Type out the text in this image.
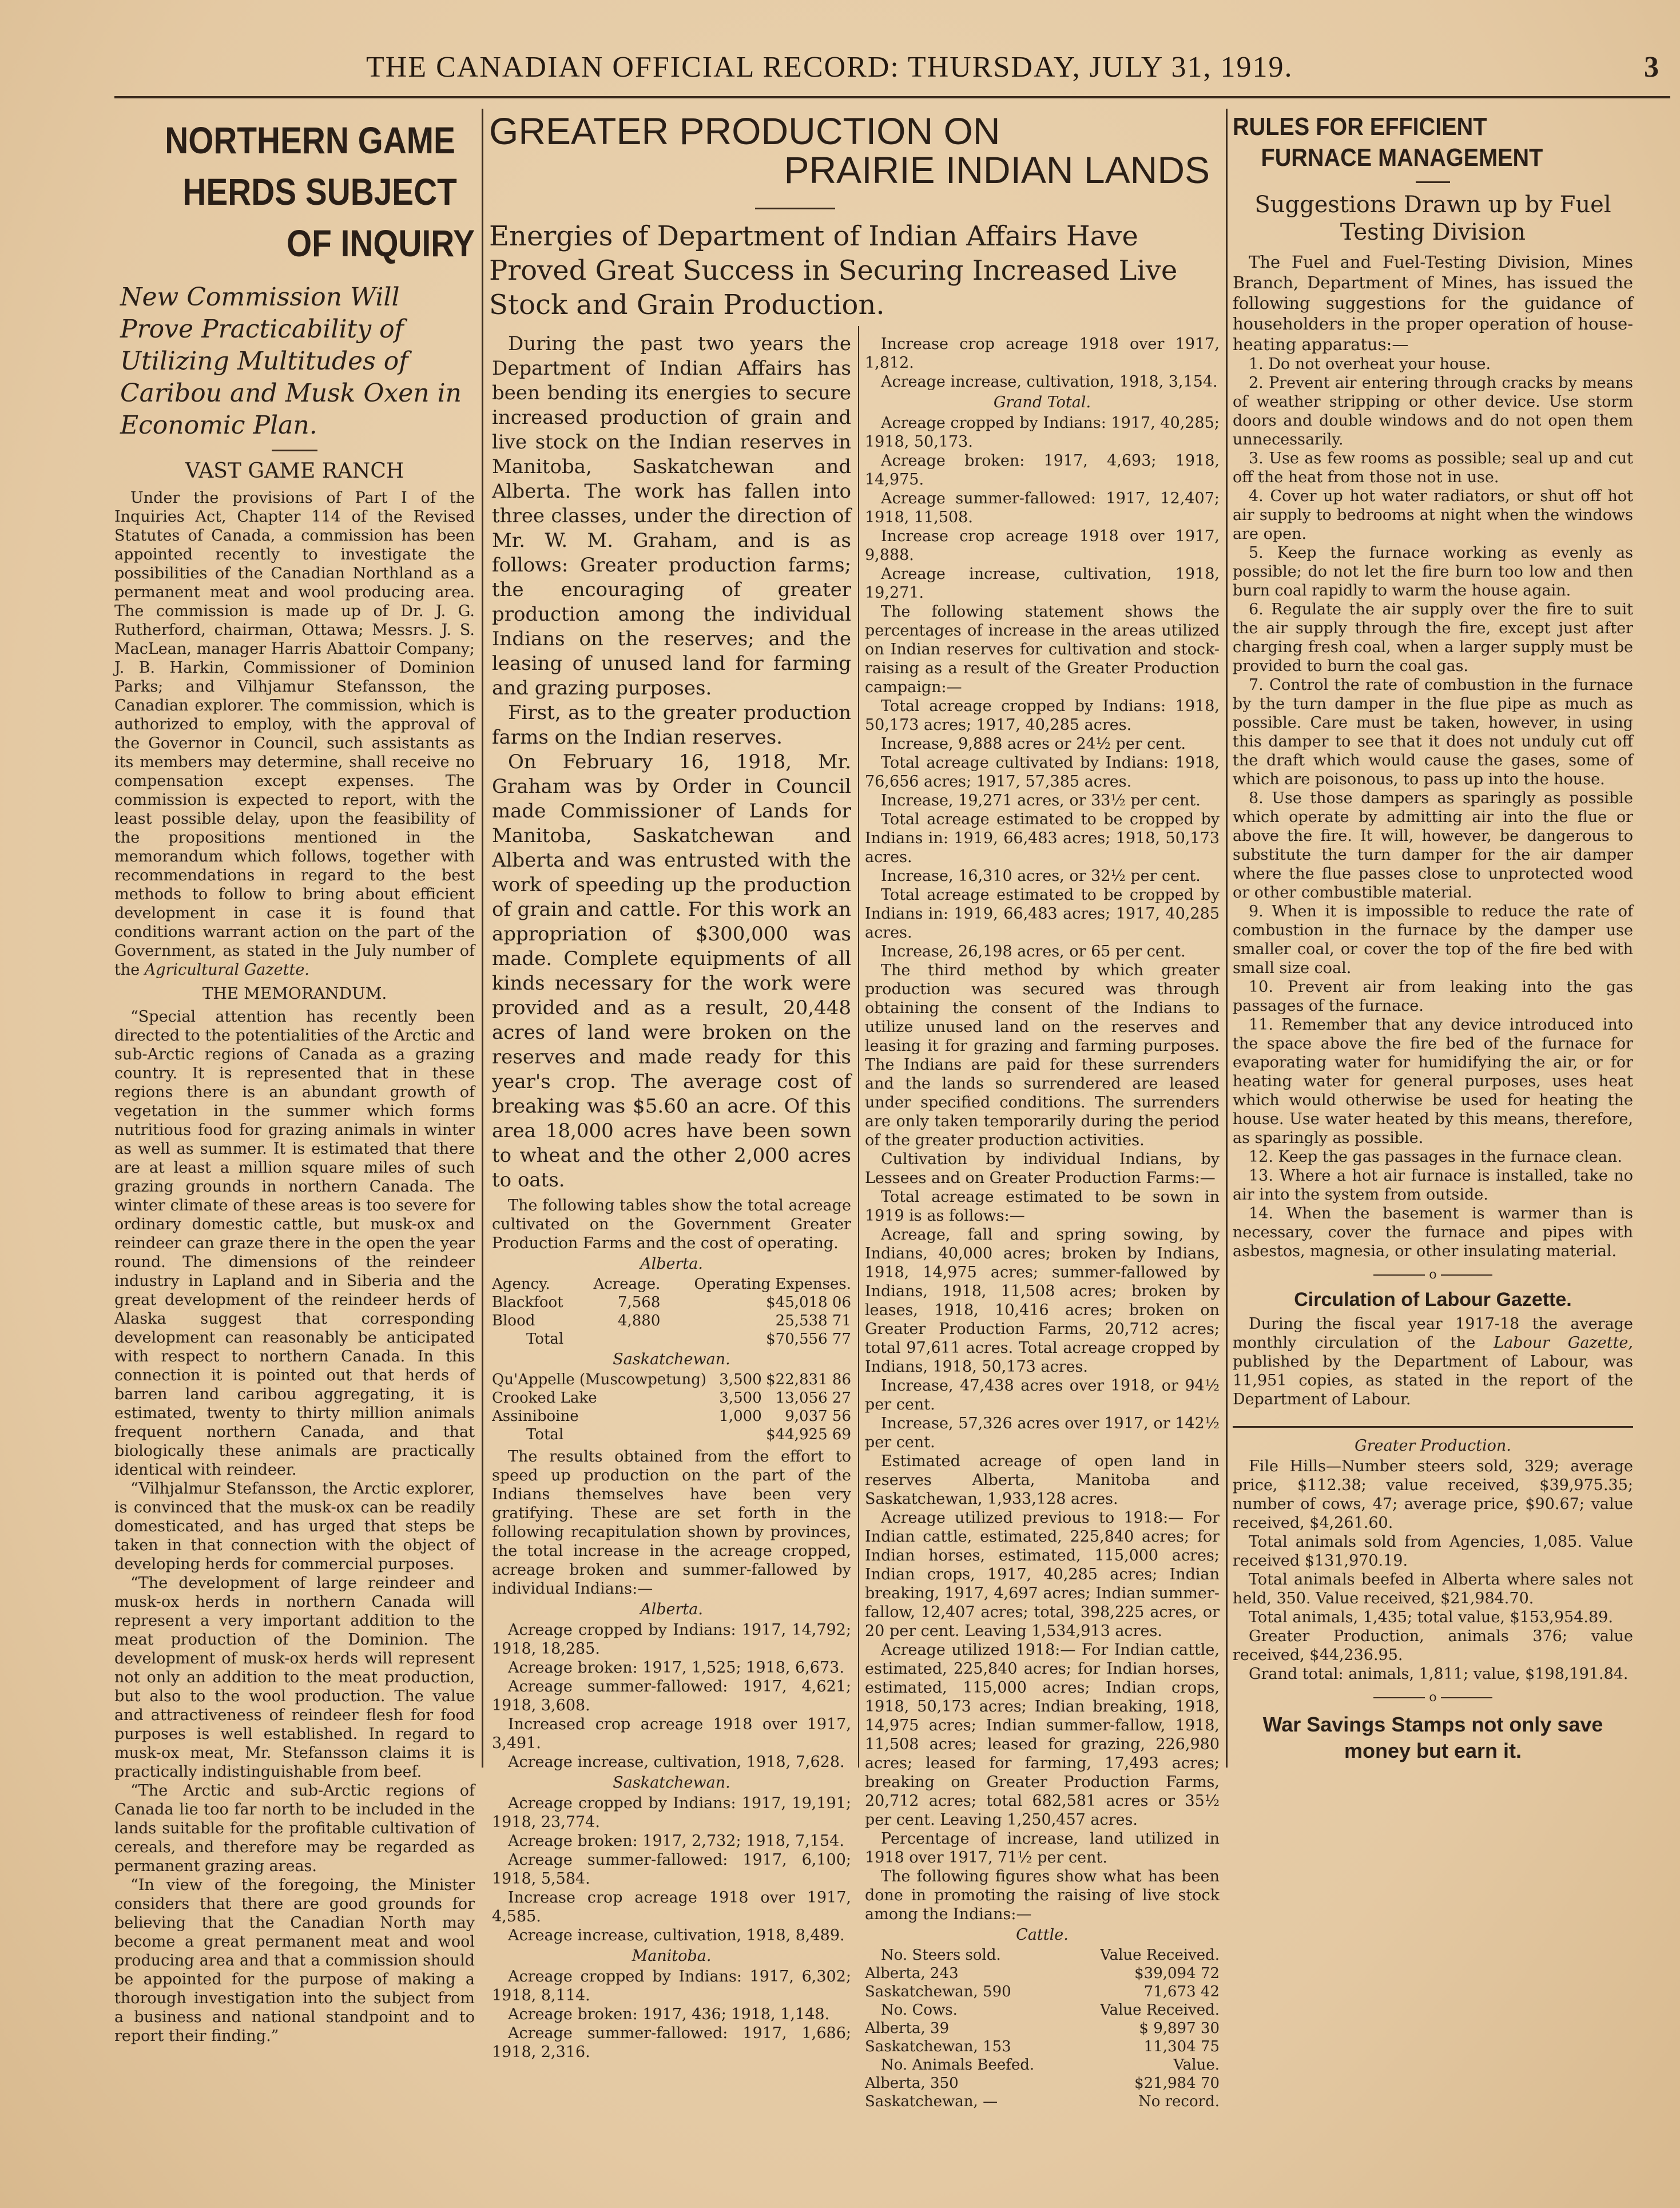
THE CANADIAN OFFICIAL RECORD: THURSDAY, JULY 31, 1919.	3
NORTHERN GAME
HERDS SUBJECT
OF INQUIRY

New Commission Will Prove Practicability of Utilizing Multitudes of Caribou and Musk Oxen in Economic Plan.

VAST GAME RANCH

Under the provisions of Part I of the Inquiries Act, Chapter 114 of the Revised Statutes of Canada, a commission has been appointed recently to investigate the possibilities of the Canadian Northland as a permanent meat and wool producing area. The commission is made up of Dr. J. G. Rutherford, chairman, Ottawa; Messrs. J. S. MacLean, manager Harris Abattoir Company; J. B. Harkin, Commissioner of Dominion Parks; and Vilhjamur Stefansson, the Canadian explorer. The commission, which is authorized to employ, with the approval of the Governor in Council, such assistants as its members may determine, shall receive no compensation except expenses. The commission is expected to report, with the least possible delay, upon the feasibility of the propositions mentioned in the memorandum which follows, together with recommendations in regard to the best methods to follow to bring about efficient development in case it is found that conditions warrant action on the part of the Government, as stated in the July number of the Agricultural Gazette.

THE MEMORANDUM.

“Special attention has recently been directed to the potentialities of the Arctic and sub-Arctic regions of Canada as a grazing country. It is represented that in these regions there is an abundant growth of vegetation in the summer which forms nutritious food for grazing animals in winter as well as summer. It is estimated that there are at least a million square miles of such grazing grounds in northern Canada. The winter climate of these areas is too severe for ordinary domestic cattle, but musk-ox and reindeer can graze there in the open the year round. The dimensions of the reindeer industry in Lapland and in Siberia and the great development of the reindeer herds of Alaska suggest that corresponding development can reasonably be anticipated with respect to northern Canada. In this connection it is pointed out that herds of barren land caribou aggregating, it is estimated, twenty to thirty million animals frequent northern Canada, and that biologically these animals are practically identical with reindeer.

“Vilhjalmur Stefansson, the Arctic explorer, is convinced that the musk-ox can be readily domesticated, and has urged that steps be taken in that connection with the object of developing herds for commercial purposes.

“The development of large reindeer and musk-ox herds in northern Canada will represent a very important addition to the meat production of the Dominion. The development of musk-ox herds will represent not only an addition to the meat production, but also to the wool production. The value and attractiveness of reindeer flesh for food purposes is well established. In regard to musk-ox meat, Mr. Stefansson claims it is practically indistinguishable from beef.

“The Arctic and sub-Arctic regions of Canada lie too far north to be included in the lands suitable for the profitable cultivation of cereals, and therefore may be regarded as permanent grazing areas.

“In view of the foregoing, the Minister considers that there are good grounds for believing that the Canadian North may become a great permanent meat and wool producing area and that a commission should be appointed for the purpose of making a thorough investigation into the subject from a business and national standpoint and to report their finding.”

GREATER PRODUCTION ON
PRAIRIE INDIAN LANDS

Energies of Department of Indian Affairs Have Proved Great Success in Securing Increased Live Stock and Grain Production.

During the past two years the Department of Indian Affairs has been bending its energies to secure increased production of grain and live stock on the Indian reserves in Manitoba, Saskatchewan and Alberta. The work has fallen into three classes, under the direction of Mr. W. M. Graham, and is as follows: Greater production farms; the encouraging of greater production among the individual Indians on the reserves; and the leasing of unused land for farming and grazing purposes.

First, as to the greater production farms on the Indian reserves.

On February 16, 1918, Mr. Graham was by Order in Council made Commissioner of Lands for Manitoba, Saskatchewan and Alberta and was entrusted with the work of speeding up the production of grain and cattle. For this work an appropriation of $300,000 was made. Complete equipments of all kinds necessary for the work were provided and as a result, 20,448 acres of land were broken on the reserves and made ready for this year's crop. The average cost of breaking was $5.60 an acre. Of this area 18,000 acres have been sown to wheat and the other 2,000 acres to oats.

The following tables show the total acreage cultivated on the Government Greater Production Farms and the cost of operating.

Alberta.

Agency.	Acreage.	Operating Expenses.
Blackfoot	7,568	$45,018 06
Blood	4,880	25,538 71
Total		$70,556 77

Saskatchewan.

Qu'Appelle (Muscowpetung)	3,500	$22,831 86
Crooked Lake	3,500	13,056 27
Assiniboine	1,000	9,037 56
Total		$44,925 69

The results obtained from the effort to speed up production on the part of the Indians themselves have been very gratifying. These are set forth in the following recapitulation shown by provinces, the total increase in the acreage cropped, acreage broken and summer-fallowed by individual Indians:—

Alberta.

Acreage cropped by Indians: 1917, 14,792; 1918, 18,285.

Acreage broken: 1917, 1,525; 1918, 6,673.

Acreage summer-fallowed: 1917, 4,621; 1918, 3,608.

Increased crop acreage 1918 over 1917, 3,491.

Acreage increase, cultivation, 1918, 7,628.

Saskatchewan.

Acreage cropped by Indians: 1917, 19,191; 1918, 23,774.

Acreage broken: 1917, 2,732; 1918, 7,154.

Acreage summer-fallowed: 1917, 6,100; 1918, 5,584.

Increase crop acreage 1918 over 1917, 4,585.

Acreage increase, cultivation, 1918, 8,489.

Manitoba.

Acreage cropped by Indians: 1917, 6,302; 1918, 8,114.

Acreage broken: 1917, 436; 1918, 1,148.

Acreage summer-fallowed: 1917, 1,686; 1918, 2,316.

Increase crop acreage 1918 over 1917, 1,812.

Acreage increase, cultivation, 1918, 3,154.

Grand Total.

Acreage cropped by Indians: 1917, 40,285; 1918, 50,173.

Acreage broken: 1917, 4,693; 1918, 14,975.

Acreage summer-fallowed: 1917, 12,407; 1918, 11,508.

Increase crop acreage 1918 over 1917, 9,888.

Acreage increase, cultivation, 1918, 19,271.

The following statement shows the percentages of increase in the areas utilized on Indian reserves for cultivation and stock-raising as a result of the Greater Production campaign:—

Total acreage cropped by Indians: 1918, 50,173 acres; 1917, 40,285 acres.

Increase, 9,888 acres or 24½ per cent.

Total acreage cultivated by Indians: 1918, 76,656 acres; 1917, 57,385 acres.

Increase, 19,271 acres, or 33½ per cent.

Total acreage estimated to be cropped by Indians in: 1919, 66,483 acres; 1918, 50,173 acres.

Increase, 16,310 acres, or 32½ per cent.

Total acreage estimated to be cropped by Indians in: 1919, 66,483 acres; 1917, 40,285 acres.

Increase, 26,198 acres, or 65 per cent.

The third method by which greater production was secured was through obtaining the consent of the Indians to utilize unused land on the reserves and leasing it for grazing and farming purposes. The Indians are paid for these surrenders and the lands so surrendered are leased under specified conditions. The surrenders are only taken temporarily during the period of the greater production activities.

Cultivation by individual Indians, by Lessees and on Greater Production Farms:—

Total acreage estimated to be sown in 1919 is as follows:—

Acreage, fall and spring sowing, by Indians, 40,000 acres; broken by Indians, 1918, 14,975 acres; summer-fallowed by Indians, 1918, 11,508 acres; broken by leases, 1918, 10,416 acres; broken on Greater Production Farms, 20,712 acres; total 97,611 acres. Total acreage cropped by Indians, 1918, 50,173 acres.

Increase, 47,438 acres over 1918, or 94½ per cent.

Increase, 57,326 acres over 1917, or 142½ per cent.

Estimated acreage of open land in reserves Alberta, Manitoba and Saskatchewan, 1,933,128 acres.

Acreage utilized previous to 1918:— For Indian cattle, estimated, 225,840 acres; for Indian horses, estimated, 115,000 acres; Indian crops, 1917, 40,285 acres; Indian breaking, 1917, 4,697 acres; Indian summer-fallow, 12,407 acres; total, 398,225 acres, or 20 per cent. Leaving 1,534,913 acres.

Acreage utilized 1918:— For Indian cattle, estimated, 225,840 acres; for Indian horses, estimated, 115,000 acres; Indian crops, 1918, 50,173 acres; Indian breaking, 1918, 14,975 acres; Indian summer-fallow, 1918, 11,508 acres; leased for grazing, 226,980 acres; leased for farming, 17,493 acres; breaking on Greater Production Farms, 20,712 acres; total 682,581 acres or 35½ per cent. Leaving 1,250,457 acres.

Percentage of increase, land utilized in 1918 over 1917, 71½ per cent.

The following figures show what has been done in promoting the raising of live stock among the Indians:—

Cattle.

No. Steers sold.	Value Received.
Alberta, 243	$39,094 72
Saskatchewan, 590	71,673 42
No. Cows.	Value Received.
Alberta, 39	$ 9,897 30
Saskatchewan, 153	11,304 75
No. Animals Beefed.	Value.
Alberta, 350	$21,984 70
Saskatchewan, —	No record.
RULES FOR EFFICIENT
FURNACE MANAGEMENT

Suggestions Drawn up by Fuel Testing Division

The Fuel and Fuel-Testing Division, Mines Branch, Department of Mines, has issued the following suggestions for the guidance of householders in the proper operation of house-heating apparatus:—

1. Do not overheat your house.

2. Prevent air entering through cracks by means of weather stripping or other device. Use storm doors and double windows and do not open them unnecessarily.

3. Use as few rooms as possible; seal up and cut off the heat from those not in use.

4. Cover up hot water radiators, or shut off hot air supply to bedrooms at night when the windows are open.

5. Keep the furnace working as evenly as possible; do not let the fire burn too low and then burn coal rapidly to warm the house again.

6. Regulate the air supply over the fire to suit the air supply through the fire, except just after charging fresh coal, when a larger supply must be provided to burn the coal gas.

7. Control the rate of combustion in the furnace by the turn damper in the flue pipe as much as possible. Care must be taken, however, in using this damper to see that it does not unduly cut off the draft which would cause the gases, some of which are poisonous, to pass up into the house.

8. Use those dampers as sparingly as possible which operate by admitting air into the flue or above the fire. It will, however, be dangerous to substitute the turn damper for the air damper where the flue passes close to unprotected wood or other combustible material.

9. When it is impossible to reduce the rate of combustion in the furnace by the damper use smaller coal, or cover the top of the fire bed with small size coal.

10. Prevent air from leaking into the gas passages of the furnace.

11. Remember that any device introduced into the space above the fire bed of the furnace for evaporating water for humidifying the air, or for heating water for general purposes, uses heat which would otherwise be used for heating the house. Use water heated by this means, therefore, as sparingly as possible.

12. Keep the gas passages in the furnace clean.

13. Where a hot air furnace is installed, take no air into the system from outside.

14. When the basement is warmer than is necessary, cover the furnace and pipes with asbestos, magnesia, or other insulating material.

o

Circulation of Labour Gazette.

During the fiscal year 1917-18 the average monthly circulation of the Labour Gazette, published by the Department of Labour, was 11,951 copies, as stated in the report of the Department of Labour.

Greater Production.

File Hills—Number steers sold, 329; average price, $112.38; value received, $39,975.35; number of cows, 47; average price, $90.67; value received, $4,261.60.

Total animals sold from Agencies, 1,085. Value received $131,970.19.

Total animals beefed in Alberta where sales not held, 350. Value received, $21,984.70.

Total animals, 1,435; total value, $153,954.89.

Greater Production, animals 376; value received, $44,236.95.

Grand total: animals, 1,811; value, $198,191.84.

o

War Savings Stamps not only save money but earn it.
